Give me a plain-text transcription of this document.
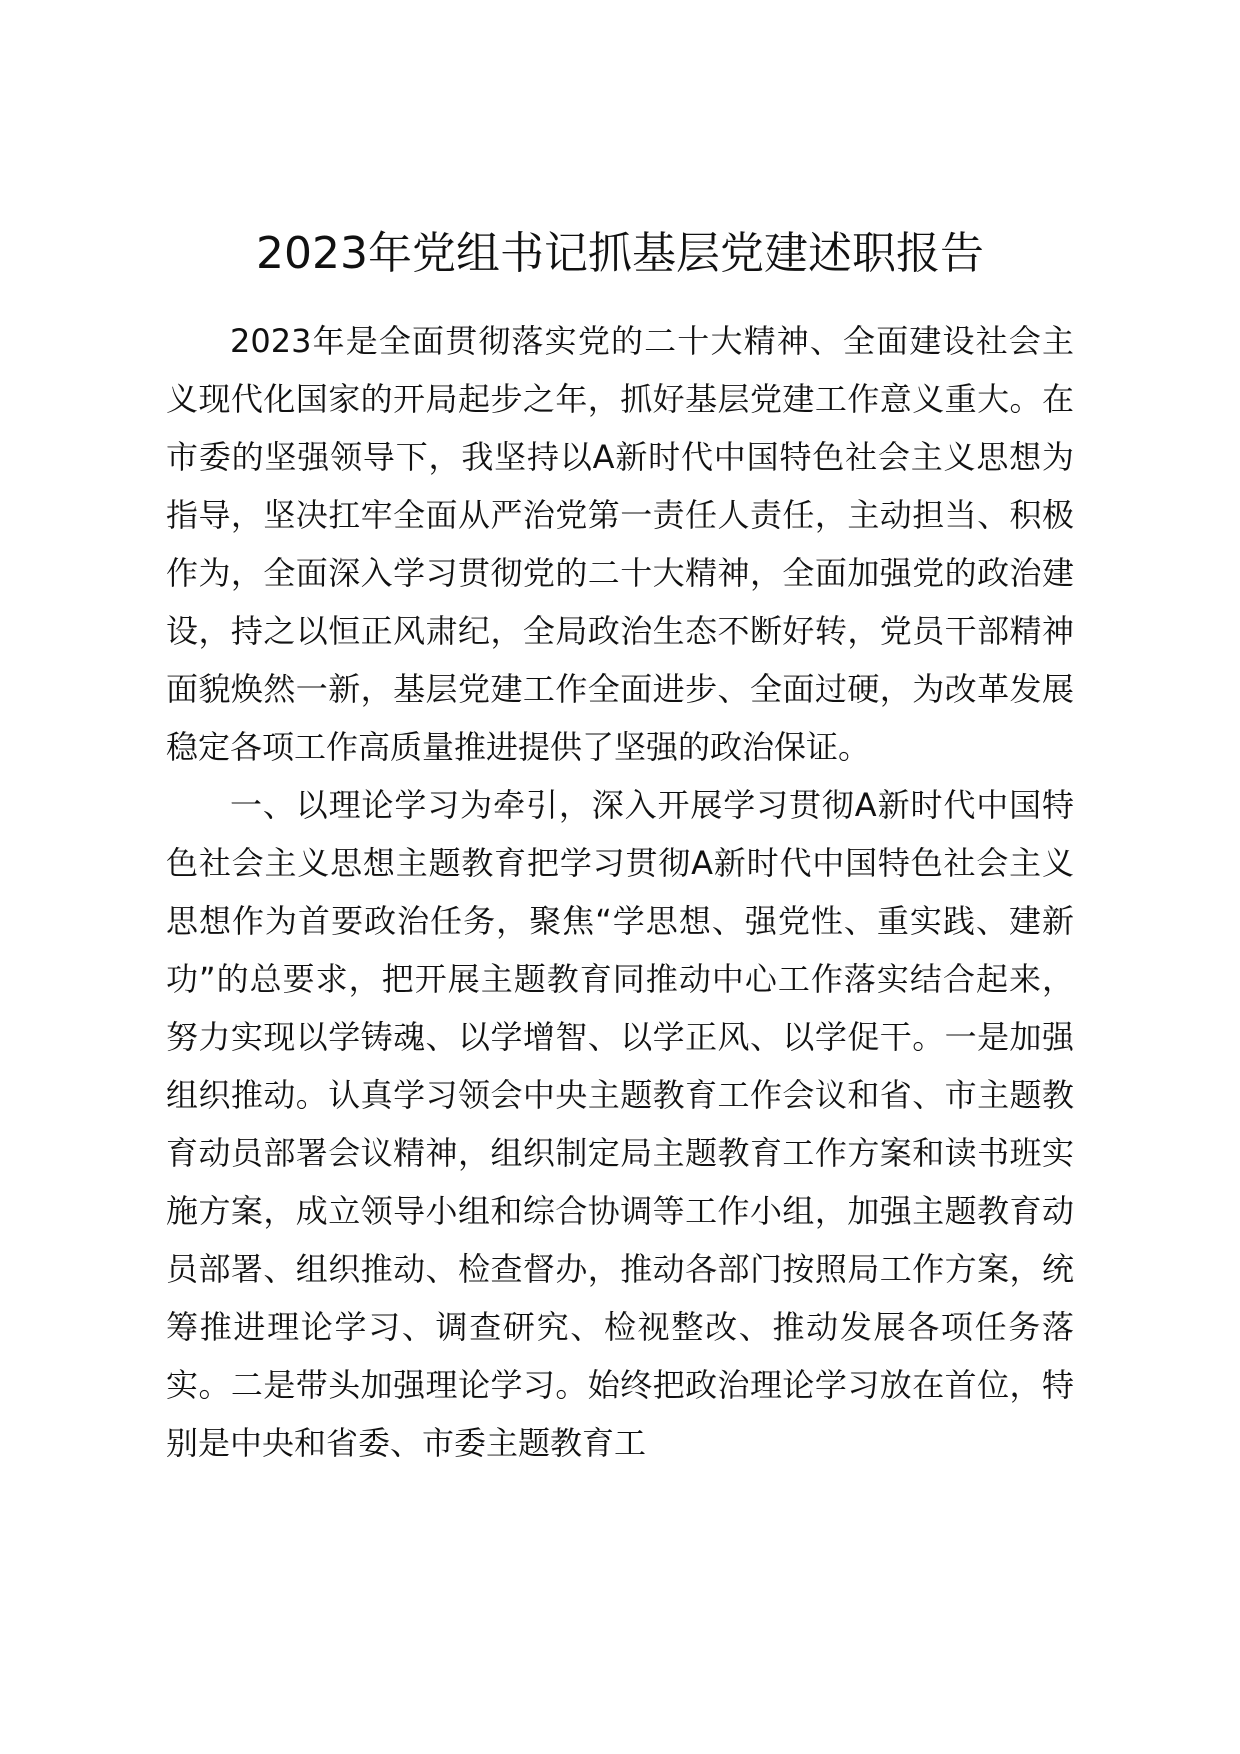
2023年党组书记抓基层党建述职报告

2023年是全面贯彻落实党的二十大精神、全面建设社会主义现代化国家的开局起步之年，抓好基层党建工作意义重大。在市委的坚强领导下，我坚持以A新时代中国特色社会主义思想为指导，坚决扛牢全面从严治党第一责任人责任，主动担当、积极作为，全面深入学习贯彻党的二十大精神，全面加强党的政治建设，持之以恒正风肃纪，全局政治生态不断好转，党员干部精神面貌焕然一新，基层党建工作全面进步、全面过硬，为改革发展稳定各项工作高质量推进提供了坚强的政治保证。

一、以理论学习为牵引，深入开展学习贯彻A新时代中国特色社会主义思想主题教育把学习贯彻A新时代中国特色社会主义思想作为首要政治任务，聚焦“学思想、强党性、重实践、建新功”的总要求，把开展主题教育同推动中心工作落实结合起来，努力实现以学铸魂、以学增智、以学正风、以学促干。一是加强组织推动。认真学习领会中央主题教育工作会议和省、市主题教育动员部署会议精神，组织制定局主题教育工作方案和读书班实施方案，成立领导小组和综合协调等工作小组，加强主题教育动员部署、组织推动、检查督办，推动各部门按照局工作方案，统筹推进理论学习、调查研究、检视整改、推动发展各项任务落实。二是带头加强理论学习。始终把政治理论学习放在首位，特别是中央和省委、市委主题教育工
